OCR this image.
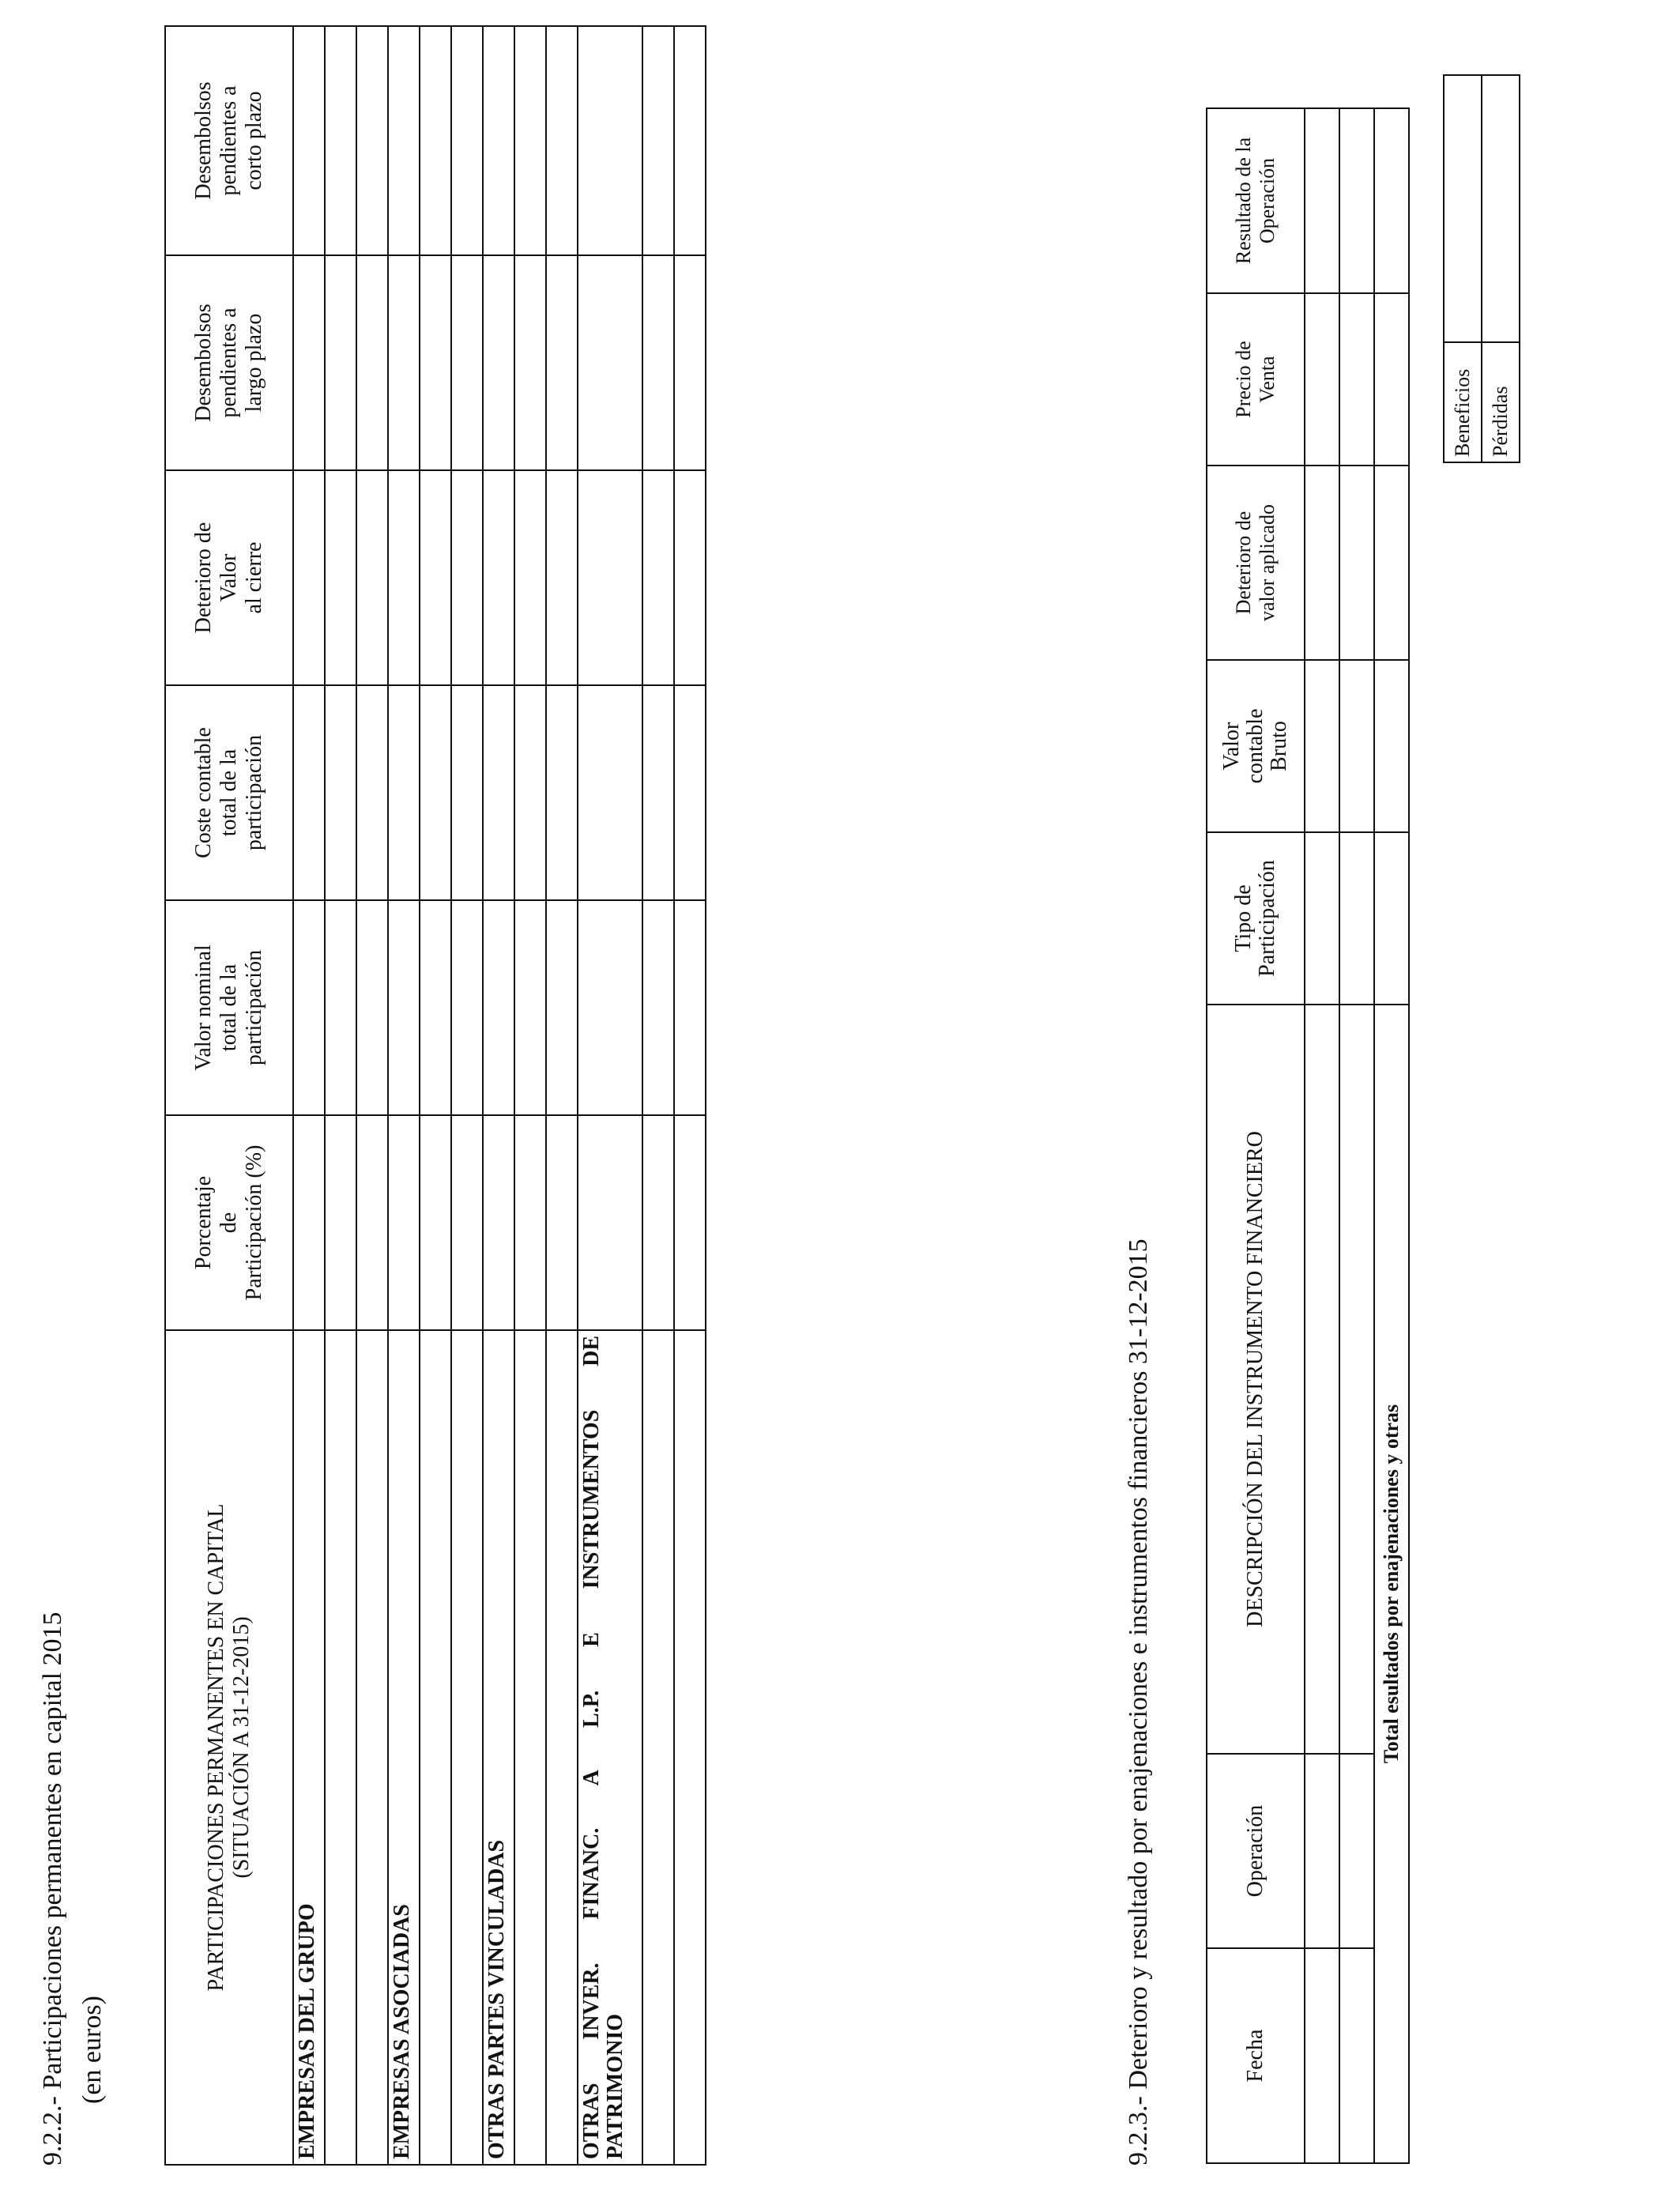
9.2.2.- Participaciones permanentes en capital 2015 (en euros)
PARTICIPACIONES PERMANENTES EN CAPITAL (SITUACIÓN A 31-12-2015)	Porcentaje de Participación (%)	Valor nominal total de la participación	Coste contable total de la participación	Deterioro de Valor al cierre	Desembolsos pendientes a largo plazo	Desembolsos pendientes a corto plazo

EMPRESAS DEL GRUPO						

EMPRESAS ASOCIADAS						

OTRAS PARTES VINCULADAS						

OTRAS INVER. FINANC. A L.P. E INSTRUMENTOS DE PATRIMONIO						

							9.2.3.- Deterioro y resultado por enajenaciones e instrumentos financieros 31-12-2015	Fecha	Operación	DESCRIPCIÓN DEL INSTRUMENTO FINANCIERO	Tipo de Participación	Valor contable Bruto	Deterioro de valor aplicado	Precio de Venta	Resultado de la Operación

Total esultados por enajenaciones y otras							
Beneficios	
Pérdidas	
